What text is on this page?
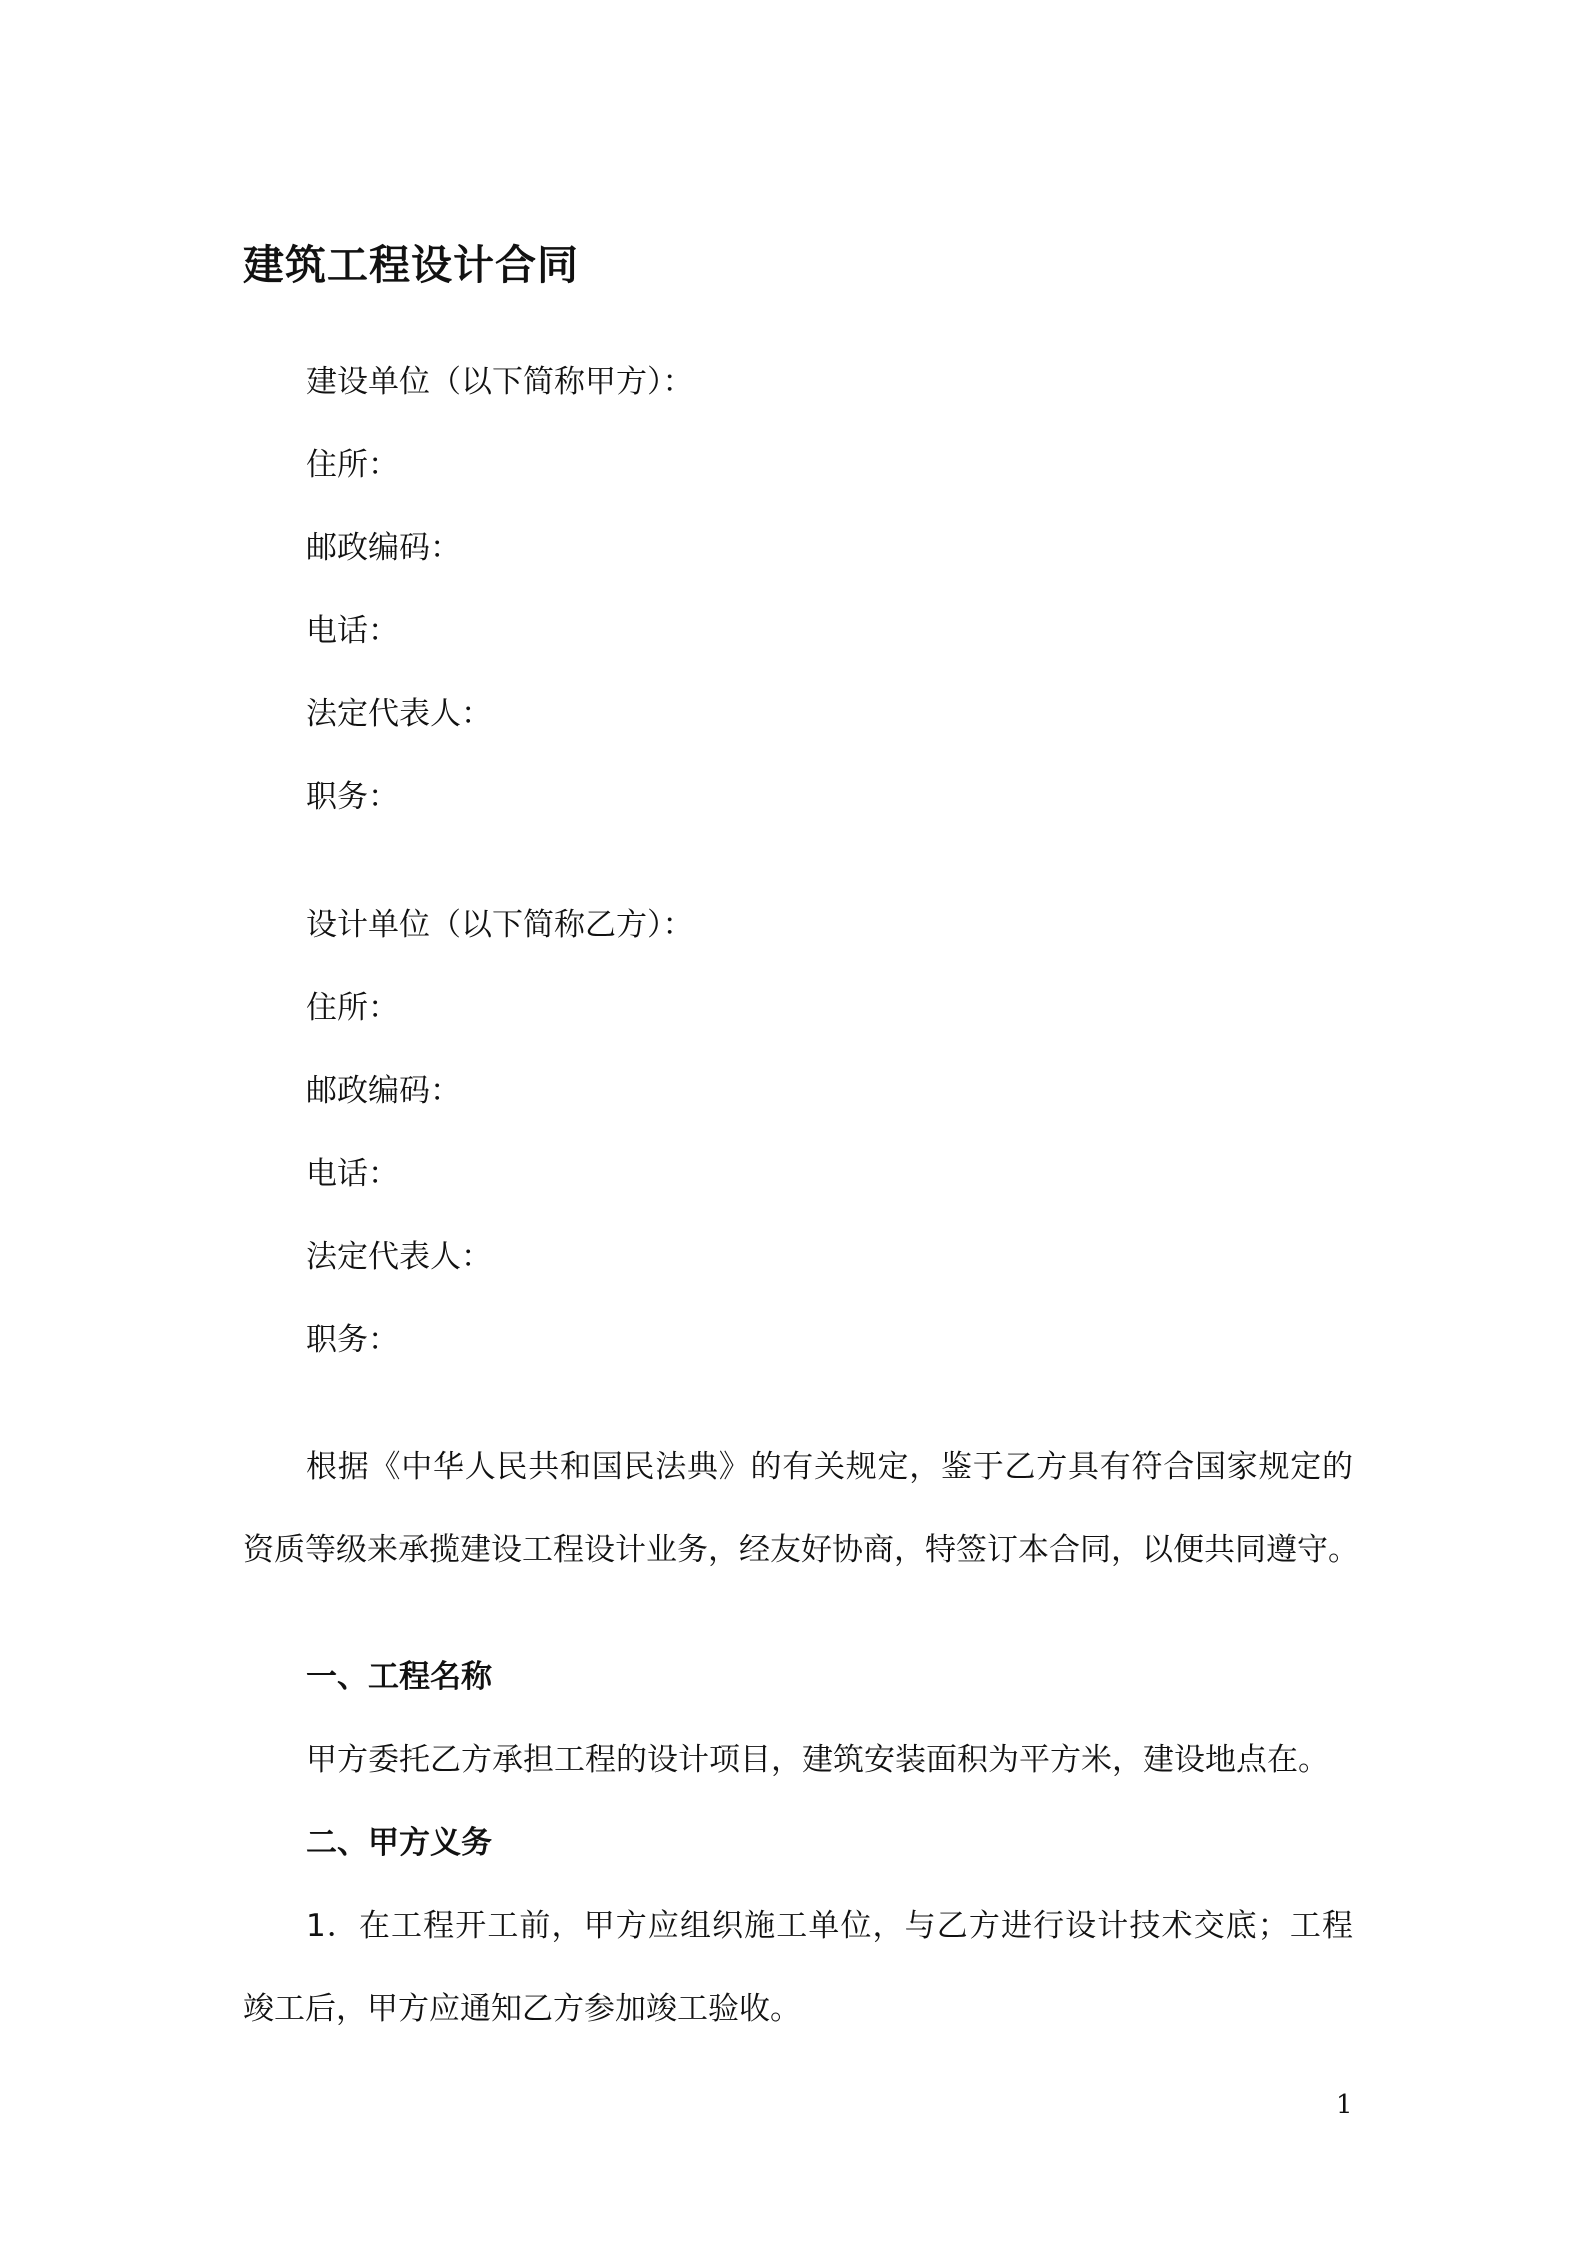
建筑工程设计合同
建设单位（以下简称甲方）：
住所：
邮政编码：
电话：
法定代表人：
职务：
设计单位（以下简称乙方）：
住所：
邮政编码：
电话：
法定代表人：
职务：
根据《中华人民共和国民法典》的有关规定，鉴于乙方具有符合国家规定的
资质等级来承揽建设工程设计业务，经友好协商，特签订本合同，以便共同遵守。
一、工程名称
甲方委托乙方承担工程的设计项目，建筑安装面积为平方米，建设地点在。
二、甲方义务
1．在工程开工前，甲方应组织施工单位，与乙方进行设计技术交底；工程
竣工后，甲方应通知乙方参加竣工验收。
1
